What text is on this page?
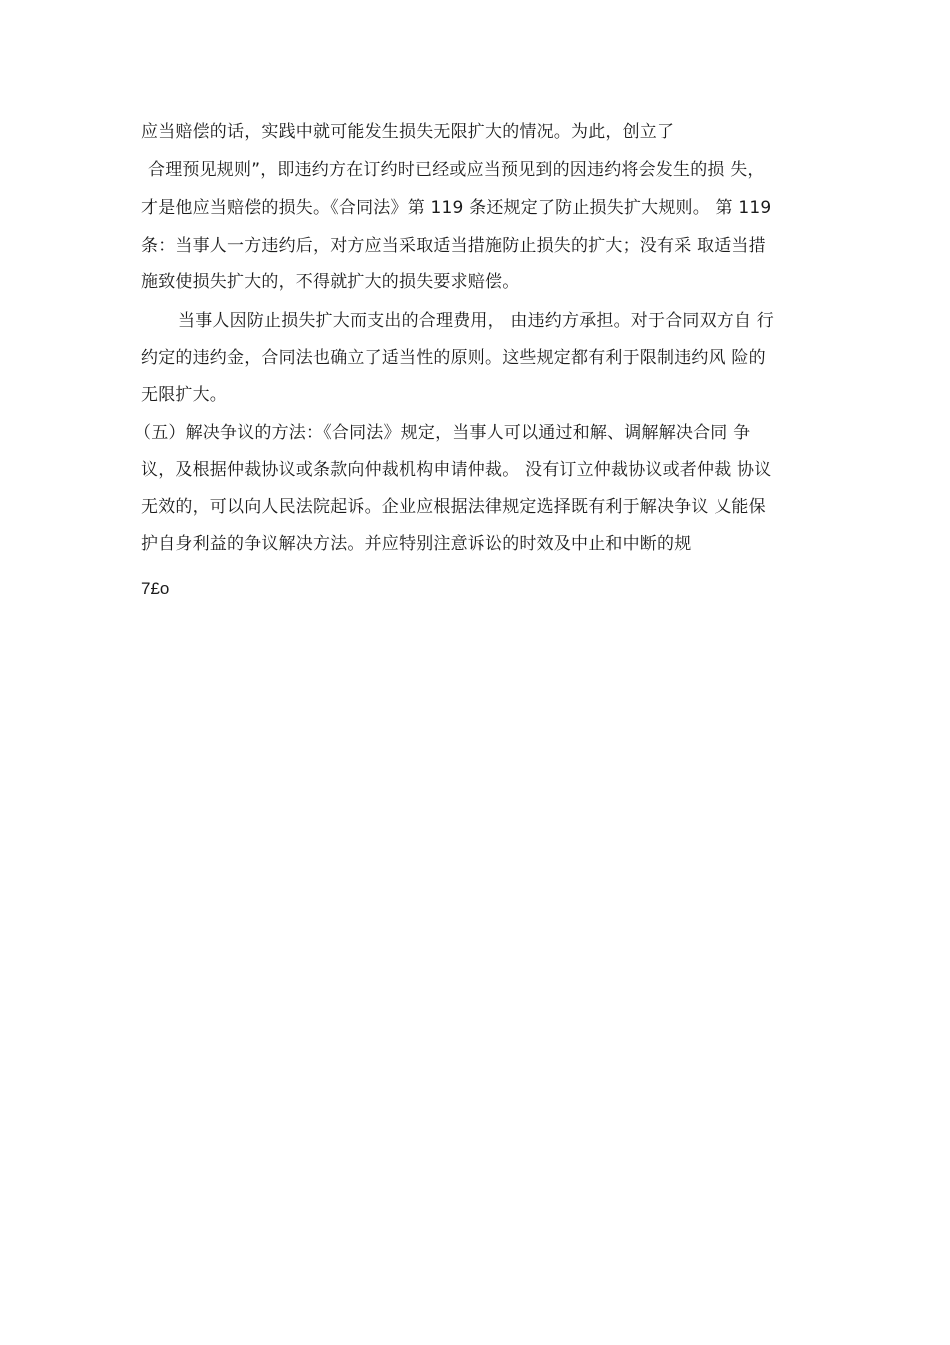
应当赔偿的话，实践中就可能发生损失无限扩大的情况。为此，创立了
合理预见规则”，即违约方在订约时已经或应当预见到的因违约将会发生的损 失，
才是他应当赔偿的损失。《合同法》第 119 条还规定了防止损失扩大规则。 第 119
条：当事人一方违约后，对方应当采取适当措施防止损失的扩大；没有采 取适当措
施致使损失扩大的，不得就扩大的损失要求赔偿。
当事人因防止损失扩大而支出的合理费用， 由违约方承担。对于合同双方自 行
约定的违约金，合同法也确立了适当性的原则。这些规定都有利于限制违约风 险的
无限扩大。
（五）解决争议的方法：《合同法》规定，当事人可以通过和解、调解解决合同 争
议，及根据仲裁协议或条款向仲裁机构申请仲裁。 没有订立仲裁协议或者仲裁 协议
无效的，可以向人民法院起诉。企业应根据法律规定选择既有利于解决争议 乂能保
护自身利益的争议解决方法。并应特别注意诉讼的时效及中止和中断的规
7£o
